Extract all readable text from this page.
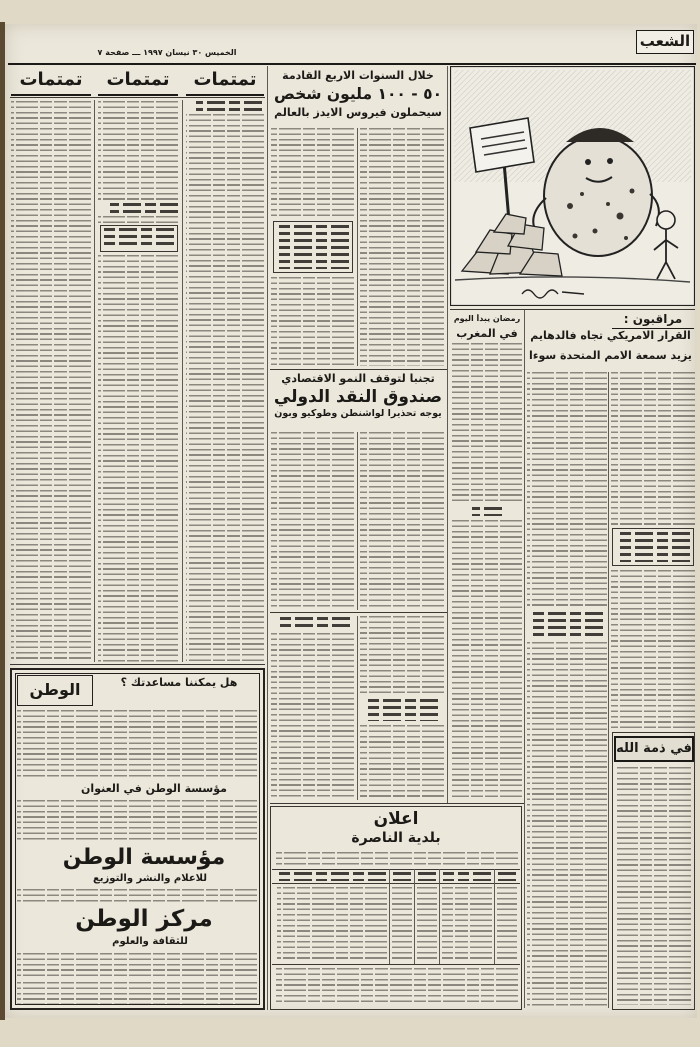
الشعب
الخميس ٣٠ نيسان ١٩٩٧ ـــ صفحة ٧
تمتمات	تمتمات	تمتمات
الوطن	هل يمكننا مساعدتك ؟
مؤسسة الوطن في العنوان
مؤسسة الوطن
للاعلام والنشر والتوزيع
مركز الوطن
للثقافة والعلوم
خلال السنوات الاربع القادمة
٥٠ - ١٠٠ مليون شخص
سيحملون فيروس الايدز بالعالم
تجنبا لتوقف النمو الاقتصادي
صندوق النقد الدولي
يوجه تحذيرا لواشنطن وطوكيو وبون
مراقبون :
القرار الامريكي تجاه فالدهايم
يزيد سمعة الامم المتحدة سوءا
رمضان يبدأ اليوم
في المغرب
في ذمة الله
اعلان
بلدية الناصرة
